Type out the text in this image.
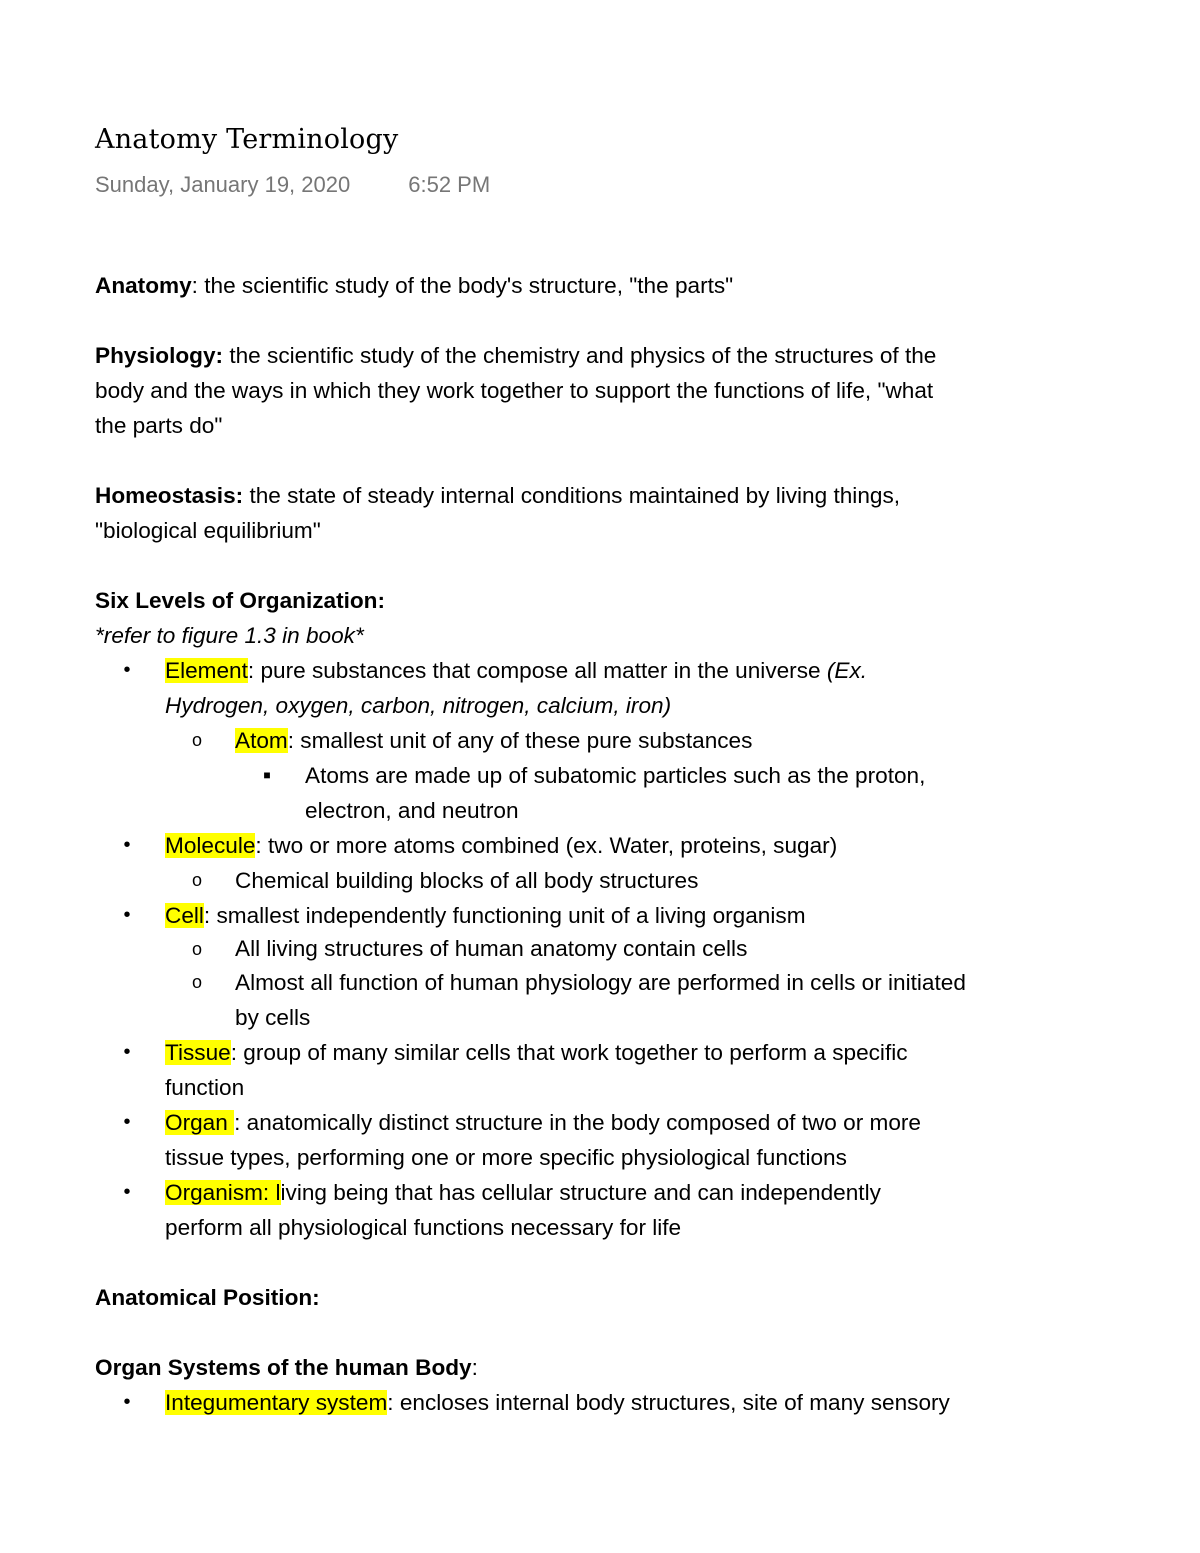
Anatomy Terminology
Sunday, January 19, 2020	6:52 PM

Anatomy: the scientific study of the body's structure, "the parts"

Physiology: the scientific study of the chemistry and physics of the structures of the

body and the ways in which they work together to support the functions of life, "what

the parts do"

Homeostasis: the state of steady internal conditions maintained by living things,

"biological equilibrium"

Six Levels of Organization:

*refer to figure 1.3 in book*

• Element: pure substances that compose all matter in the universe (Ex.

Hydrogen, oxygen, carbon, nitrogen, calcium, iron)

o Atom: smallest unit of any of these pure substances

■ Atoms are made up of subatomic particles such as the proton,

electron, and neutron

• Molecule: two or more atoms combined (ex. Water, proteins, sugar)

o Chemical building blocks of all body structures

• Cell: smallest independently functioning unit of a living organism

o All living structures of human anatomy contain cells

o Almost all function of human physiology are performed in cells or initiated

by cells

• Tissue: group of many similar cells that work together to perform a specific

function

• Organ : anatomically distinct structure in the body composed of two or more

tissue types, performing one or more specific physiological functions

• Organism: living being that has cellular structure and can independently

perform all physiological functions necessary for life

Anatomical Position:

Organ Systems of the human Body:

• Integumentary system: encloses internal body structures, site of many sensory
